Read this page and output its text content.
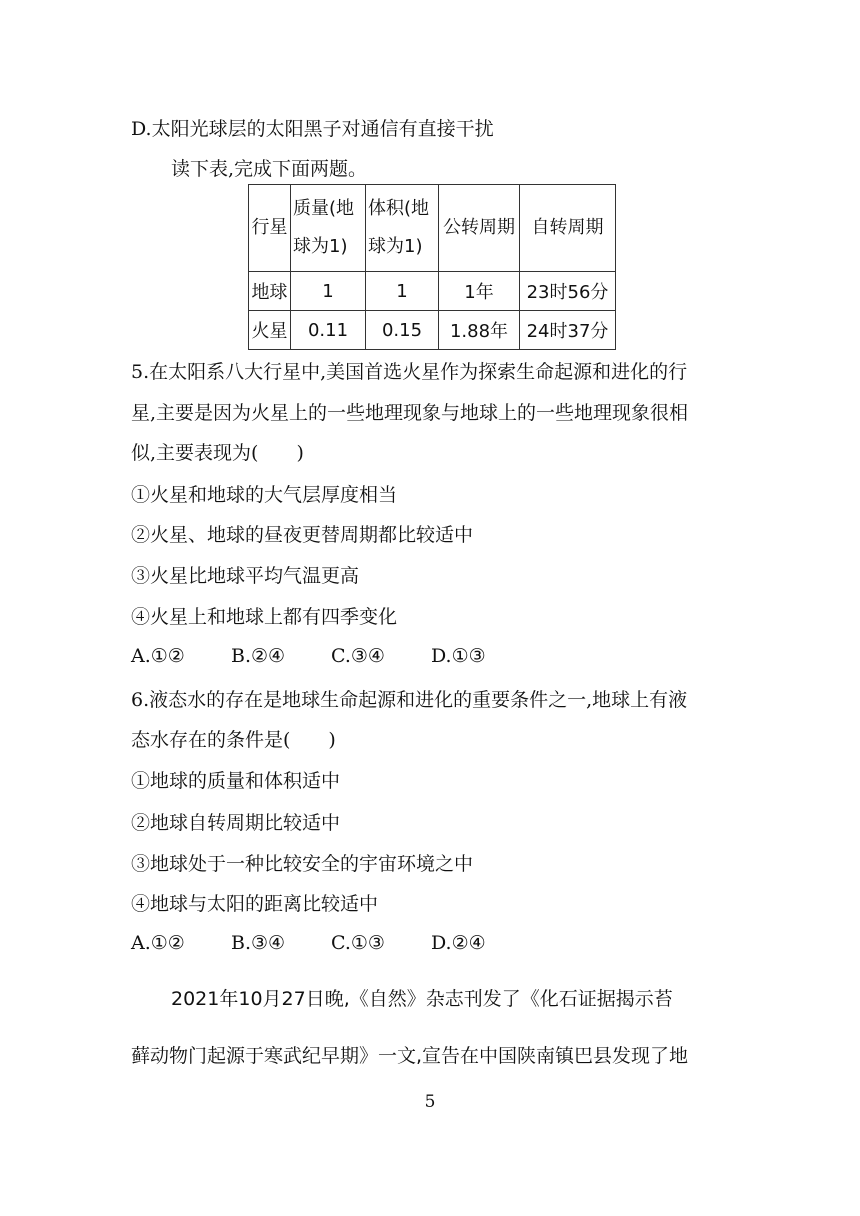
D.太阳光球层的太阳黑子对通信有直接干扰
读下表,完成下面两题。
行星	质量(地球为1)	体积(地球为1)	公转周期	自转周期
地球	1	1	1年	23时56分
火星	0.11	0.15	1.88年	24时37分
5.在太阳系八大行星中,美国首选火星作为探索生命起源和进化的行
星,主要是因为火星上的一些地理现象与地球上的一些地理现象很相
似,主要表现为(　　)
①火星和地球的大气层厚度相当
②火星、地球的昼夜更替周期都比较适中
③火星比地球平均气温更高
④火星上和地球上都有四季变化
A.①② B.②④ C.③④ D.①③
6.液态水的存在是地球生命起源和进化的重要条件之一,地球上有液
态水存在的条件是(　　)
①地球的质量和体积适中
②地球自转周期比较适中
③地球处于一种比较安全的宇宙环境之中
④地球与太阳的距离比较适中
A.①② B.③④ C.①③ D.②④
2021年10月27日晚,《自然》杂志刊发了《化石证据揭示苔
藓动物门起源于寒武纪早期》一文,宣告在中国陕南镇巴县发现了地
5
